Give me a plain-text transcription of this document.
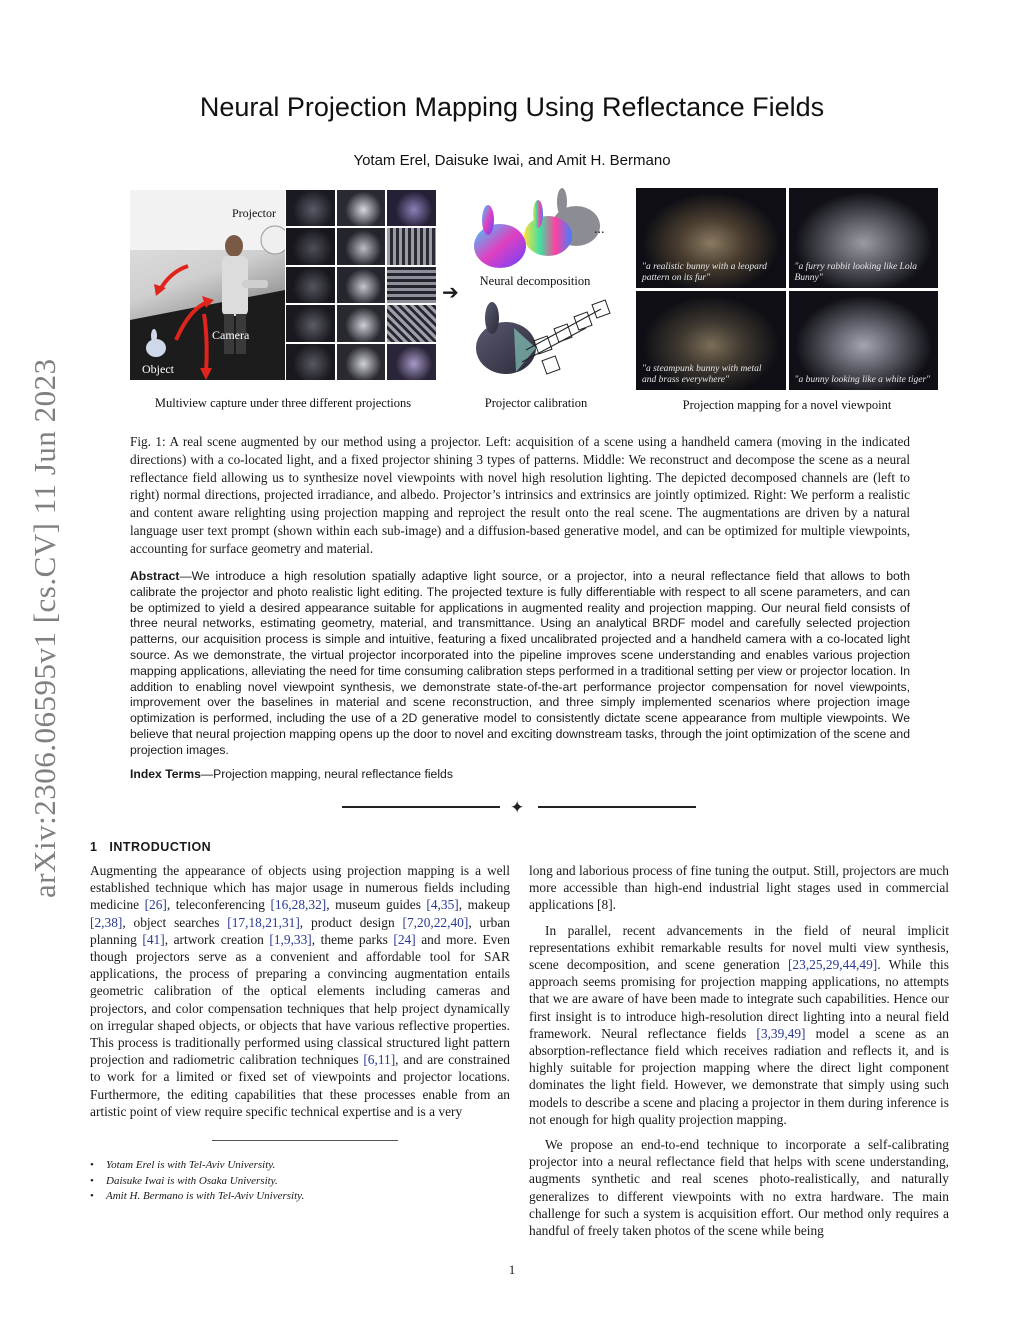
arXiv:2306.06595v1 [cs.CV] 11 Jun 2023
Neural Projection Mapping Using Reflectance Fields
Yotam Erel, Daisuke Iwai, and Amit H. Bermano
Projector
Camera
Object
Multiview capture under three different projections
➔
...
Neural decomposition
Projector calibration
"a realistic bunny with a leopard pattern on its fur"
"a furry rabbit looking like Lola Bunny"
"a steampunk bunny with metal and brass everywhere"	"a bunny looking like a white tiger"
Projection mapping for a novel viewpoint
Fig. 1: A real scene augmented by our method using a projector. Left: acquisition of a scene using a handheld camera (moving in the indicated directions) with a co-located light, and a fixed projector shining 3 types of patterns. Middle: We reconstruct and decompose the scene as a neural reflectance field allowing us to synthesize novel viewpoints with novel high resolution lighting. The depicted decomposed channels are (left to right) normal directions, projected irradiance, and albedo. Projector’s intrinsics and extrinsics are jointly optimized. Right: We perform a realistic and content aware relighting using projection mapping and reproject the result onto the real scene. The augmentations are driven by a natural language user text prompt (shown within each sub-image) and a diffusion-based generative model, and can be optimized for multiple viewpoints, accounting for surface geometry and material.
Abstract—We introduce a high resolution spatially adaptive light source, or a projector, into a neural reflectance field that allows to both calibrate the projector and photo realistic light editing. The projected texture is fully differentiable with respect to all scene parameters, and can be optimized to yield a desired appearance suitable for applications in augmented reality and projection mapping. Our neural field consists of three neural networks, estimating geometry, material, and transmittance. Using an analytical BRDF model and carefully selected projection patterns, our acquisition process is simple and intuitive, featuring a fixed uncalibrated projected and a handheld camera with a co-located light source. As we demonstrate, the virtual projector incorporated into the pipeline improves scene understanding and enables various projection mapping applications, alleviating the need for time consuming calibration steps performed in a traditional setting per view or projector location. In addition to enabling novel viewpoint synthesis, we demonstrate state-of-the-art performance projector compensation for novel viewpoints, improvement over the baselines in material and scene reconstruction, and three simply implemented scenarios where projection image optimization is performed, including the use of a 2D generative model to consistently dictate scene appearance from multiple viewpoints. We believe that neural projection mapping opens up the door to novel and exciting downstream tasks, through the joint optimization of the scene and projection images.
Index Terms—Projection mapping, neural reflectance fields
✦
1 INTRODUCTION

Augmenting the appearance of objects using projection mapping is a well established technique which has major usage in numerous fields including medicine [26], teleconferencing [16,28,32], museum guides [4,35], makeup [2,38], object searches [17,18,21,31], product design [7,20,22,40], urban planning [41], artwork creation [1,9,33], theme parks [24] and more. Even though projectors serve as a convenient and affordable tool for SAR applications, the process of preparing a convincing augmentation entails geometric calibration of the optical elements including cameras and projectors, and color compensation techniques that help project dynamically on irregular shaped objects, or objects that have various reflective properties. This process is traditionally performed using classical structured light pattern projection and radiometric calibration techniques [6,11], and are constrained to work for a limited or fixed set of viewpoints and projector locations. Furthermore, the editing capabilities that these processes enable from an artistic point of view require specific technical expertise and is a very

long and laborious process of fine tuning the output. Still, projectors are much more accessible than high-end industrial light stages used in commercial applications [8].

In parallel, recent advancements in the field of neural implicit representations exhibit remarkable results for novel multi view synthesis, scene decomposition, and scene generation [23,25,29,44,49]. While this approach seems promising for projection mapping applications, no attempts that we are aware of have been made to integrate such capabilities. Hence our first insight is to introduce high-resolution direct lighting into a neural field framework. Neural reflectance fields [3,39,49] model a scene as an absorption-reflectance field which receives radiation and reflects it, and is highly suitable for projection mapping where the direct light component dominates the light field. However, we demonstrate that simply using such models to describe a scene and placing a projector in them during inference is not enough for high quality projection mapping.

We propose an end-to-end technique to incorporate a self-calibrating projector into a neural reflectance field that helps with scene understanding, augments synthetic and real scenes photo-realistically, and naturally generalizes to different viewpoints with no extra hardware. The main challenge for such a system is acquisition effort. Our method only requires a handful of freely taken photos of the scene while being

• Yotam Erel is with Tel-Aviv University.
• Daisuke Iwai is with Osaka University.
• Amit H. Bermano is with Tel-Aviv University.
1
